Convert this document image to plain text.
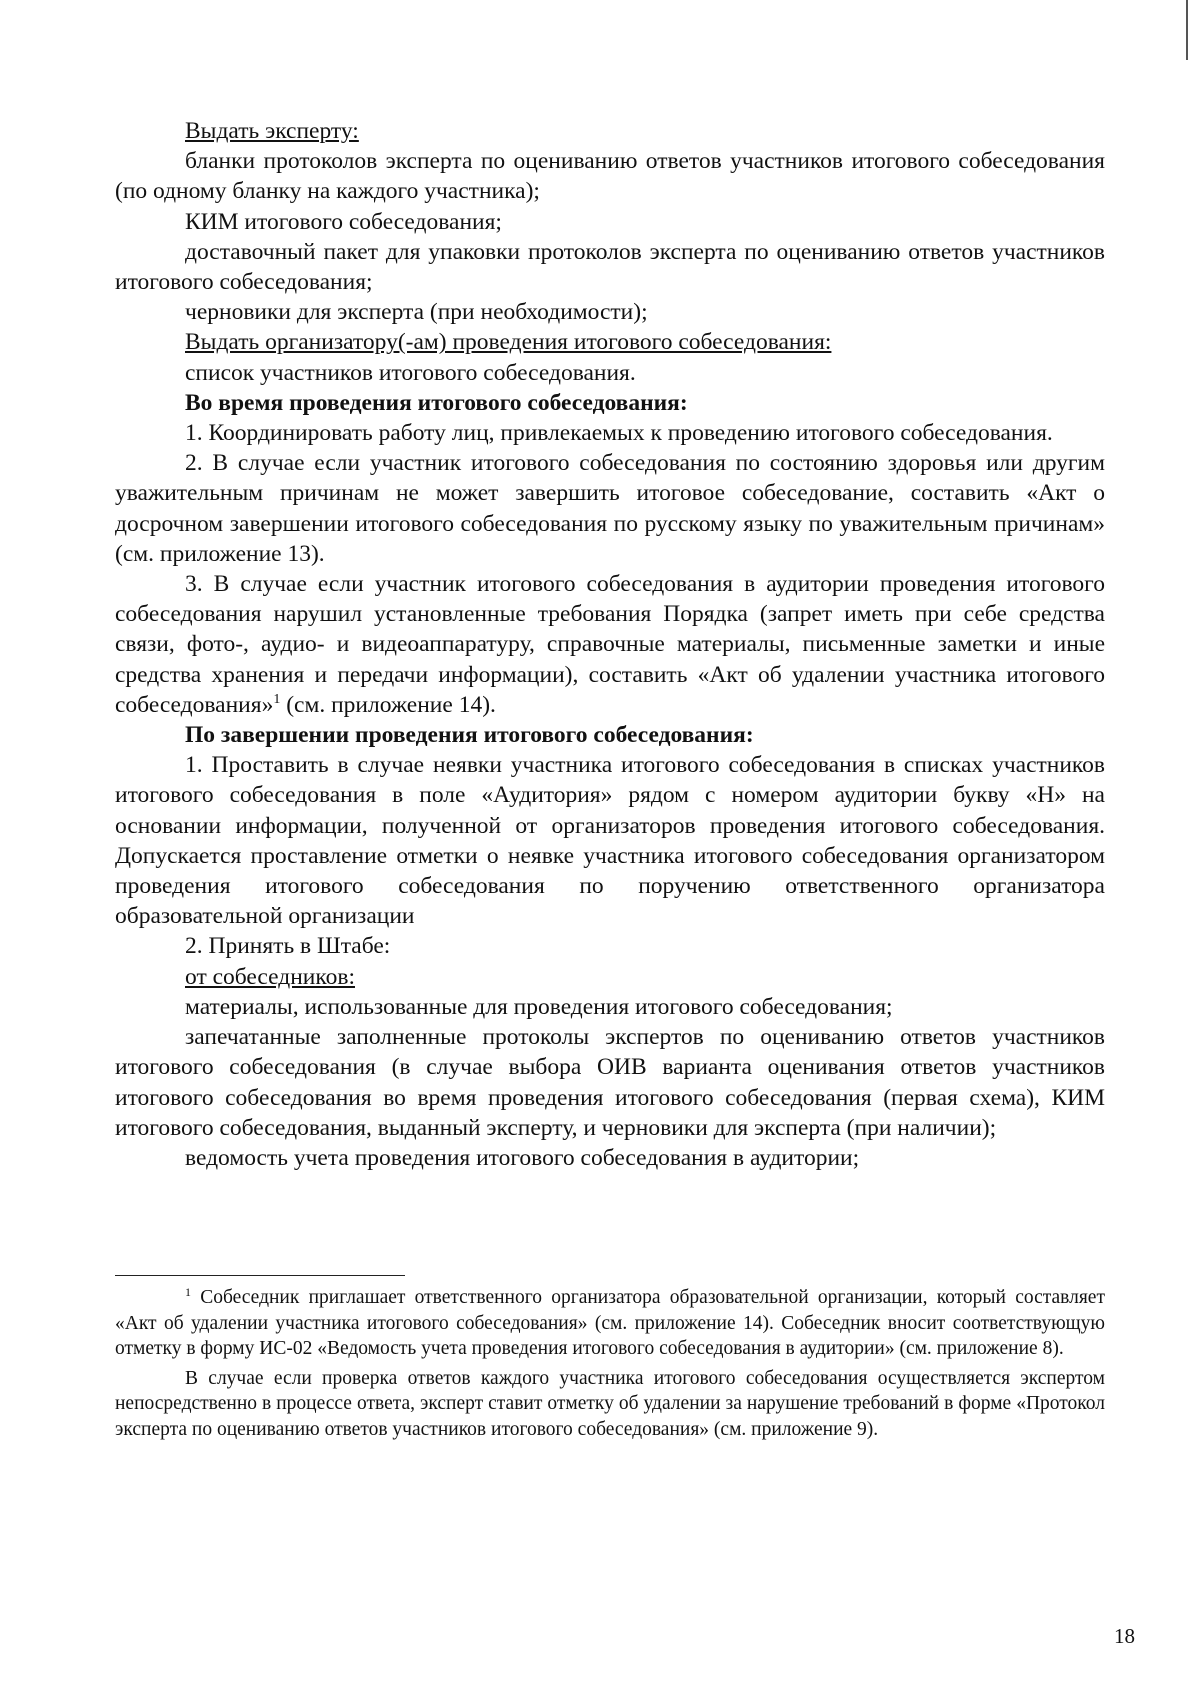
Выдать эксперту:

бланки протоколов эксперта по оцениванию ответов участников итогового собеседования (по одному бланку на каждого участника);

КИМ итогового собеседования;

доставочный пакет для упаковки протоколов эксперта по оцениванию ответов участников итогового собеседования;

черновики для эксперта (при необходимости);

Выдать организатору(-ам) проведения итогового собеседования:

список участников итогового собеседования.

Во время проведения итогового собеседования:

1. Координировать работу лиц, привлекаемых к проведению итогового собеседования.

2. В случае если участник итогового собеседования по состоянию здоровья или другим уважительным причинам не может завершить итоговое собеседование, составить «Акт о досрочном завершении итогового собеседования по русскому языку по уважительным причинам» (см. приложение 13).

3. В случае если участник итогового собеседования в аудитории проведения итогового собеседования нарушил установленные требования Порядка (запрет иметь при себе средства связи, фото-, аудио- и видеоаппаратуру, справочные материалы, письменные заметки и иные средства хранения и передачи информации), составить «Акт об удалении участника итогового собеседования»$^1$ (см. приложение 14).

По завершении проведения итогового собеседования:

1. Проставить в случае неявки участника итогового собеседования в списках участников итогового собеседования в поле «Аудитория» рядом с номером аудитории букву «Н» на основании информации, полученной от организаторов проведения итогового собеседования. Допускается проставление отметки о неявке участника итогового собеседования организатором проведения итогового собеседования по поручению ответственного организатора образовательной организации

2. Принять в Штабе:

от собеседников:

материалы, использованные для проведения итогового собеседования;

запечатанные заполненные протоколы экспертов по оцениванию ответов участников итогового собеседования (в случае выбора ОИВ варианта оценивания ответов участников итогового собеседования во время проведения итогового собеседования (первая схема), КИМ итогового собеседования, выданный эксперту, и черновики для эксперта (при наличии);

ведомость учета проведения итогового собеседования в аудитории;

$^1$ Собеседник приглашает ответственного организатора образовательной организации, который составляет «Акт об удалении участника итогового собеседования» (см. приложение 14). Собеседник вносит соответствующую отметку в форму ИС-02 «Ведомость учета проведения итогового собеседования в аудитории» (см. приложение 8).

В случае если проверка ответов каждого участника итогового собеседования осуществляется экспертом непосредственно в процессе ответа, эксперт ставит отметку об удалении за нарушение требований в форме «Протокол эксперта по оцениванию ответов участников итогового собеседования» (см. приложение 9).

18
